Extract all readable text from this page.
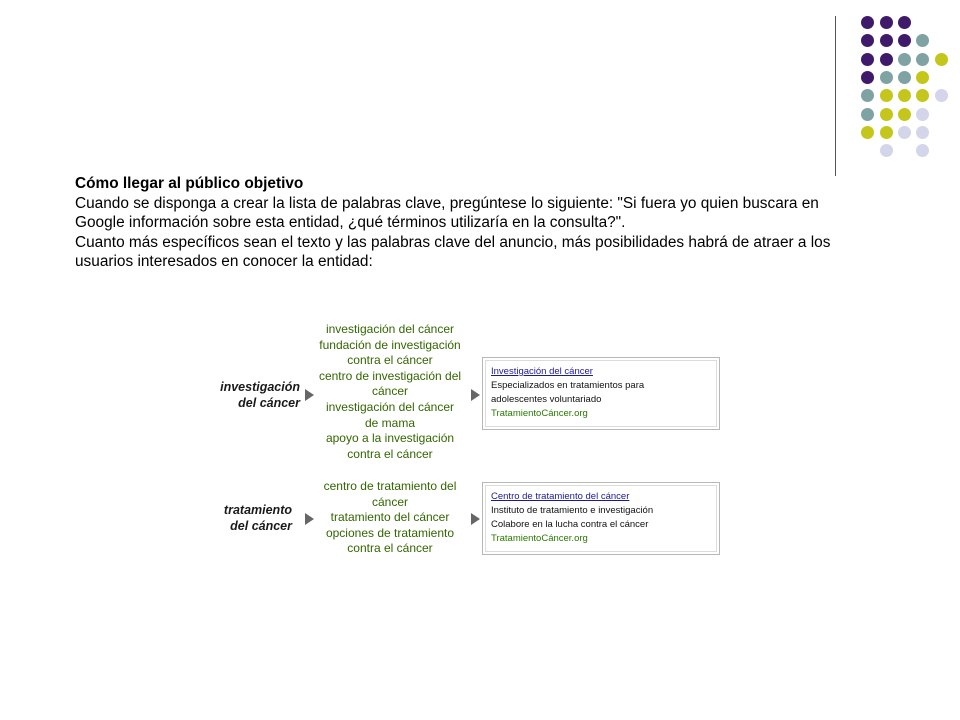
Cómo llegar al público objetivo
Cuando se disponga a crear la lista de palabras clave, pregúntese lo siguiente: "Si fuera yo quien buscara en Google información sobre esta entidad, ¿qué términos utilizaría en la consulta?".
Cuanto más específicos sean el texto y las palabras clave del anuncio, más posibilidades habrá de atraer a los usuarios interesados en conocer la entidad:
investigación
del cáncer
investigación del cáncer
fundación de investigación
contra el cáncer
centro de investigación del
cáncer
investigación del cáncer
de mama
apoyo a la investigación
contra el cáncer
Investigación del cáncer
Especializados en tratamientos para
adolescentes voluntariado
TratamientoCáncer.org
tratamiento
del cáncer
centro de tratamiento del
cáncer
tratamiento del cáncer
opciones de tratamiento
contra el cáncer
Centro de tratamiento del cáncer
Instituto de tratamiento e investigación
Colabore en la lucha contra el cáncer
TratamientoCáncer.org
